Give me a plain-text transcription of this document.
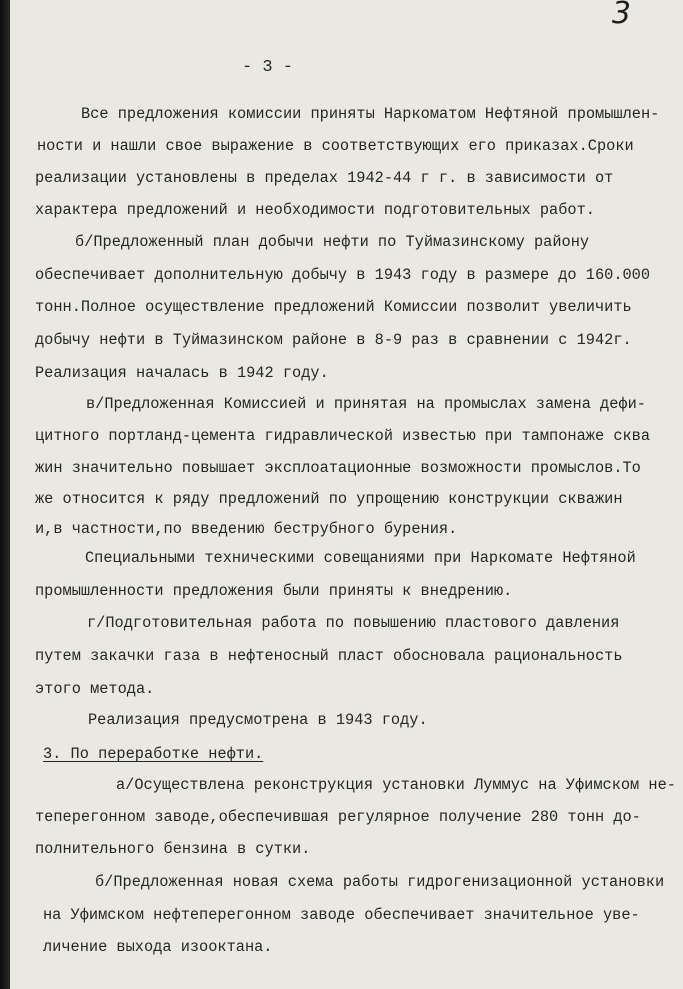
3
- 3 -
Все предложения комиссии приняты Наркоматом Нефтяной промышлен-
ности и нашли свое выражение в соответствующих его приказах.Сроки
реализации установлены в пределах 1942-44 г г. в зависимости от
характера предложений и необходимости подготовительных работ.
б/Предложенный план добычи нефти по Туймазинскому району
обеспечивает дополнительную добычу в 1943 году в размере до 160.000
тонн.Полное осуществление предложений Комиссии позволит увеличить
добычу нефти в Туймазинском районе в 8-9 раз в сравнении с 1942г.
Реализация началась в 1942 году.
в/Предложенная Комиссией и принятая на промыслах замена дефи-
цитного портланд-цемента гидравлической известью при тампонаже сква
жин значительно повышает эксплоатационные возможности промыслов.То
же относится к ряду предложений по упрощению конструкции скважин
и,в частности,по введению беструбного бурения.
Специальными техническими совещаниями при Наркомате Нефтяной
промышленности предложения были приняты к внедрению.
г/Подготовительная работа по повышению пластового давления
путем закачки газа в нефтеносный пласт обосновала рациональность
этого метода.
Реализация предусмотрена в 1943 году.
3. По переработке нефти.
а/Осуществлена реконструкция установки Луммус на Уфимском не-
теперегонном заводе,обеспечившая регулярное получение 280 тонн до-
полнительного бензина в сутки.
б/Предложенная новая схема работы гидрогенизационной установки
на Уфимском нефтеперегонном заводе обеспечивает значительное уве-
личение выхода изооктана.
